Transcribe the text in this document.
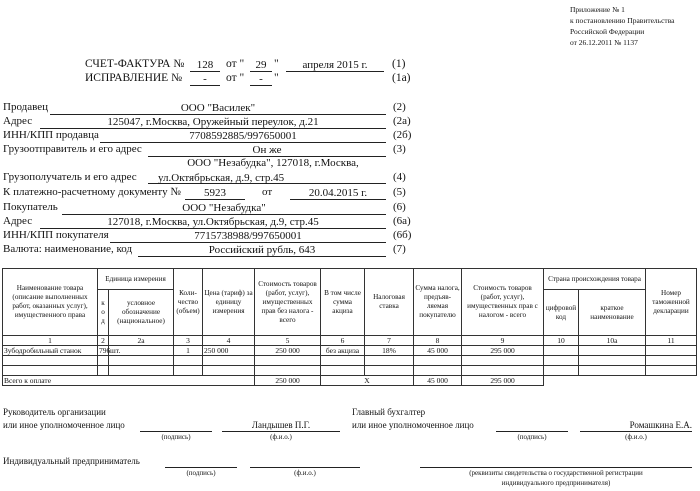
Приложение № 1
к постановлению Правительства
Российской Федерации
от 26.12.2011 № 1137
СЧЕТ-ФАКТУРА №	128	от "	29 "	апреля 2015 г.	(1)
ИСПРАВЛЕНИЕ №	-	от "	- "	(1а)
Продавец	ООО "Василек"	(2)
Адрес	125047, г.Москва, Оружейный переулок, д.21	(2а)
ИНН/КПП продавца	7708592885/997650001	(2б)
Грузоотправитель и его адрес	Он же	(3)
ООО "Незабудка", 127018, г.Москва,
Грузополучатель и его адрес	ул.Октябрьская, д.9, стр.45	(4)
К платежно-расчетному документу №	5923	от	20.04.2015 г.	(5)
Покупатель	ООО "Незабудка"	(6)
Адрес	127018, г.Москва, ул.Октябрьская, д.9, стр.45	(6а)
ИНН/КПП покупателя	7715738988/997650001	(6б)
Валюта: наименование, код	Российский рубль, 643	(7)
Наименование товара (описание выполненных работ, оказанных услуг), имущественного права	Единица измерения		Коли- чество (объем)	Цена (тариф) за единицу измерения	Стоимость товаров (работ, услуг), имущественных прав без налога - всего	В том числе сумма акциза	Налоговая ставка	Сумма налога, предъяв- ляемая покупателю	Стоимость товаров (работ, услуг), имущественных прав с налогом - всего	Страна происхождения товара		Номер таможенной декларации
	к о д	условное обозначение (национальное)								цифровой код	краткое наименование	
1	2	2а	3	4	5	6	7	8	9	10	10а	11
Зубодробильный станок	796	шт.	1	250 000	250 000	без акциза	18%	45 000	295 000			

Всего к оплате					250 000	Х		45 000	295 000			
Руководитель организации
или иное уполномоченное лицо	Ландышев П.Г.
(подпись)	(ф.и.о.)
Главный бухгалтер
или иное уполномоченное лицо	Ромашкина Е.А.
(подпись)	(ф.и.о.)
Индивидуальный предприниматель
(подпись)	(ф.и.о.)	(реквизиты свидетельства о государственной регистрации
индивидуального предпринимателя)
